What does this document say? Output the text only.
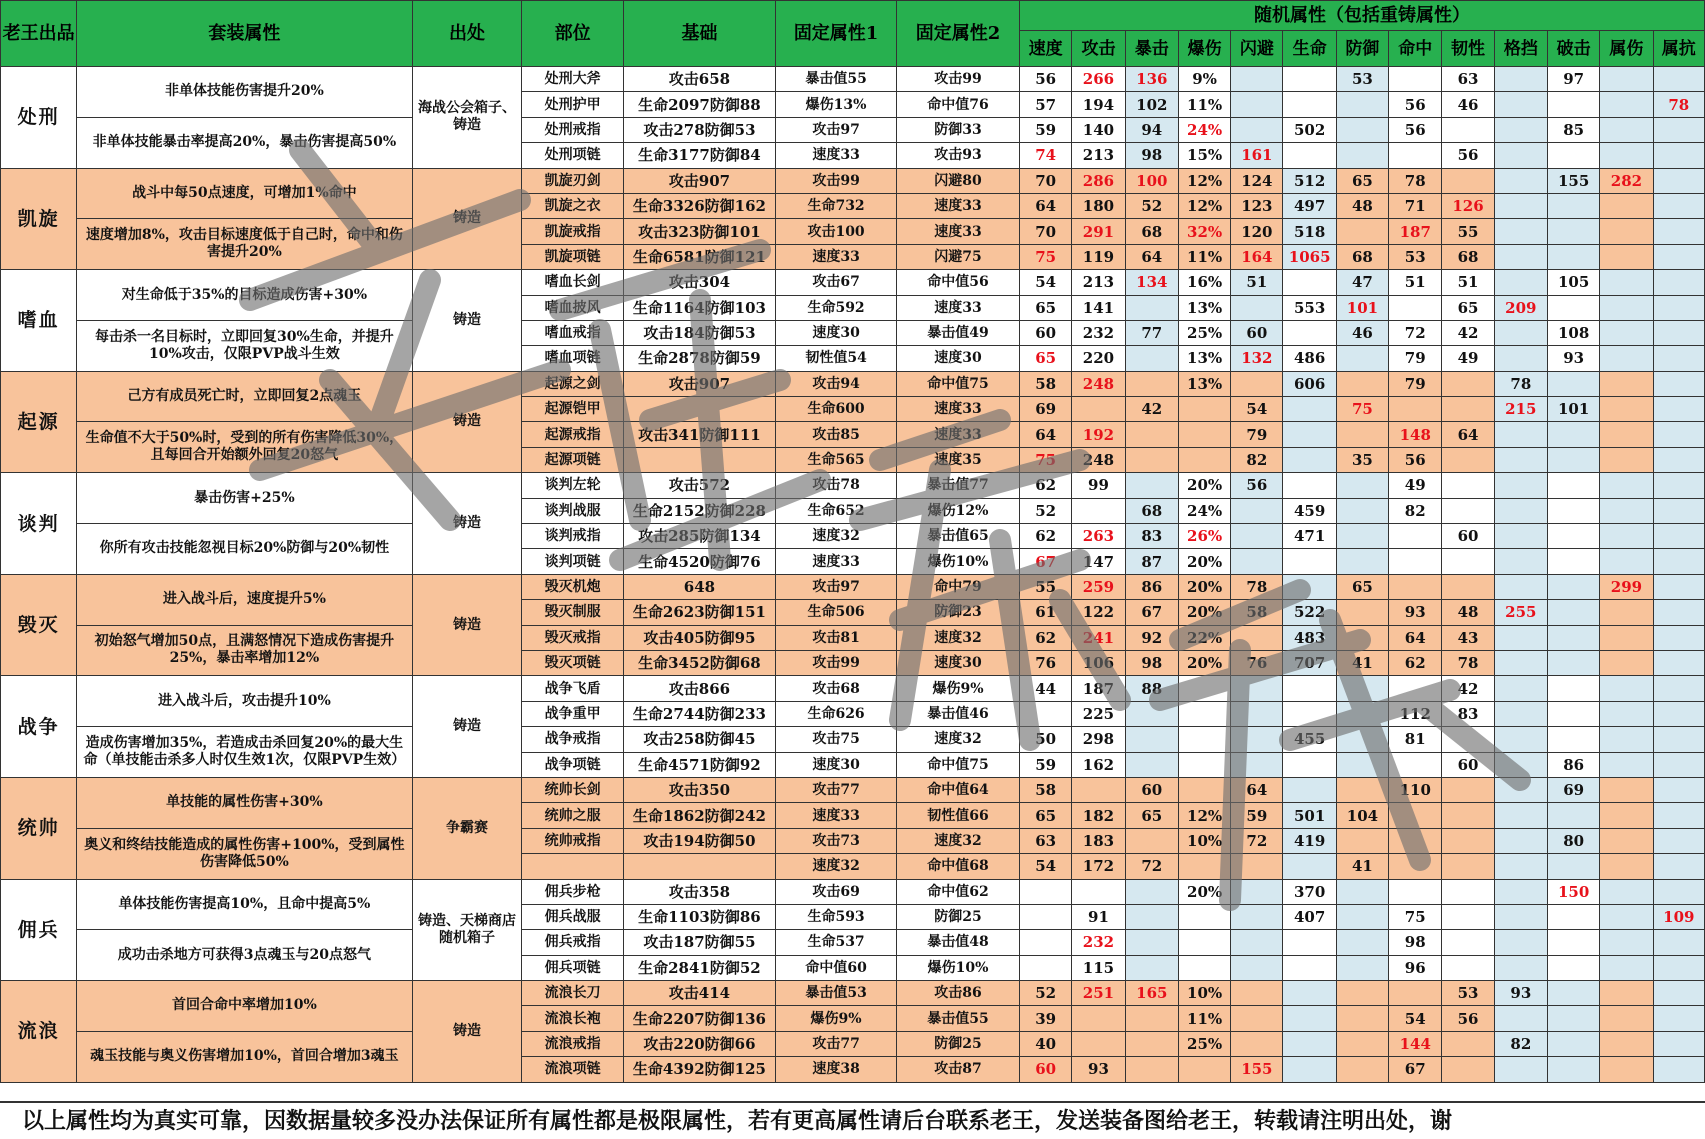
老王出品	套装属性	出处	部位	基础	固定属性1	固定属性2	随机属性（包括重铸属性）												
							速度	攻击	暴击	爆伤	闪避	生命	防御	命中	韧性	格挡	破击	属伤	属抗
处刑	非单体技能伤害提升20%	海战公会箱子、铸造	处刑大斧	攻击658	暴击值55	攻击99	56	266	136	9%			53		63		97		
			处刑护甲	生命2097防御88	爆伤13%	命中值76	57	194	102	11%				56	46				78
	非单体技能暴击率提高20%，暴击伤害提高50%		处刑戒指	攻击278防御53	攻击97	防御33	59	140	94	24%		502		56			85		
			处刑项链	生命3177防御84	速度33	攻击93	74	213	98	15%	161				56				
凯旋	战斗中每50点速度，可增加1%命中	铸造	凯旋刃剑	攻击907	攻击99	闪避80	70	286	100	12%	124	512	65	78			155	282	
			凯旋之衣	生命3326防御162	生命732	速度33	64	180	52	12%	123	497	48	71	126				
	速度增加8%，攻击目标速度低于自己时，命中和伤害提升20%		凯旋戒指	攻击323防御101	攻击100	速度33	70	291	68	32%	120	518		187	55				
			凯旋项链	生命6581防御121	速度33	闪避75	75	119	64	11%	164	1065	68	53	68				
嗜血	对生命低于35%的目标造成伤害+30%	铸造	嗜血长剑	攻击304	攻击67	命中值56	54	213	134	16%	51		47	51	51		105		
			嗜血披风	生命1164防御103	生命592	速度33	65	141		13%		553	101		65	209			
	每击杀一名目标时，立即回复30%生命，并提升10%攻击，仅限PVP战斗生效		嗜血戒指	攻击184防御53	速度30	暴击值49	60	232	77	25%	60		46	72	42		108		
			嗜血项链	生命2878防御59	韧性值54	速度30	65	220		13%	132	486		79	49		93		
起源	己方有成员死亡时，立即回复2点魂玉	铸造	起源之剑	攻击907	攻击94	命中值75	58	248		13%		606		79		78			
			起源铠甲		生命600	速度33	69		42		54		75			215	101		
	生命值不大于50%时，受到的所有伤害降低30%，且每回合开始额外回复20怒气		起源戒指	攻击341防御111	攻击85	速度33	64	192			79			148	64				
			起源项链		生命565	速度35	75	248			82		35	56					
谈判	暴击伤害+25%	铸造	谈判左轮	攻击572	攻击78	暴击值77	62	99		20%	56			49					
			谈判战服	生命2152防御228	生命652	爆伤12%	52		68	24%		459		82					
	你所有攻击技能忽视目标20%防御与20%韧性		谈判戒指	攻击285防御134	速度32	暴击值65	62	263	83	26%		471			60				
			谈判项链	生命4520防御76	速度33	爆伤10%	67	147	87	20%									
毁灭	进入战斗后，速度提升5%	铸造	毁灭机炮	648	攻击97	命中79	55	259	86	20%	78		65					299	
			毁灭制服	生命2623防御151	生命506	防御23	61	122	67	20%	58	522		93	48	255			
	初始怒气增加50点，且满怒情况下造成伤害提升25%，暴击率增加12%		毁灭戒指	攻击405防御95	攻击81	速度32	62	241	92	22%		483		64	43				
			毁灭项链	生命3452防御68	攻击99	速度30	76	106	98	20%	76	707	41	62	78				
战争	进入战斗后，攻击提升10%	铸造	战争飞盾	攻击866	攻击68	爆伤9%	44	187	88						42				
			战争重甲	生命2744防御233	生命626	暴击值46		225						112	83				
	造成伤害增加35%，若造成击杀回复20%的最大生命（单技能击杀多人时仅生效1次，仅限PVP生效）		战争戒指	攻击258防御45	攻击75	速度32	50	298				455		81					
			战争项链	生命4571防御92	速度30	命中值75	59	162							60		86		
统帅	单技能的属性伤害+30%	争霸赛	统帅长剑	攻击350	攻击77	命中值64	58		60		64			110			69		
			统帅之服	生命1862防御242	速度33	韧性值66	65	182	65	12%	59	501	104						
	奥义和终结技能造成的属性伤害+100%，受到属性伤害降低50%		统帅戒指	攻击194防御50	攻击73	速度32	63	183		10%	72	419					80		
					速度32	命中值68	54	172	72				41						
佣兵	单体技能伤害提高10%，且命中提高5%	铸造、天梯商店随机箱子	佣兵步枪	攻击358	攻击69	命中值62				20%		370					150		
			佣兵战服	生命1103防御86	生命593	防御25		91				407		75					109
	成功击杀地方可获得3点魂玉与20点怒气		佣兵戒指	攻击187防御55	生命537	暴击值48		232						98					
			佣兵项链	生命2841防御52	命中值60	爆伤10%		115						96					
流浪	首回合命中率增加10%	铸造	流浪长刀	攻击414	暴击值53	攻击86	52	251	165	10%					53	93			
			流浪长袍	生命2207防御136	爆伤9%	暴击值55	39			11%				54	56				
	魂玉技能与奥义伤害增加10%，首回合增加3魂玉		流浪戒指	攻击220防御66	攻击77	防御25	40			25%				144		82			
			流浪项链	生命4392防御125	速度38	攻击87	60	93			155			67					
以上属性均为真实可靠，因数据量较多没办法保证所有属性都是极限属性，若有更高属性请后台联系老王，发送装备图给老王，转载请注明出处，谢
